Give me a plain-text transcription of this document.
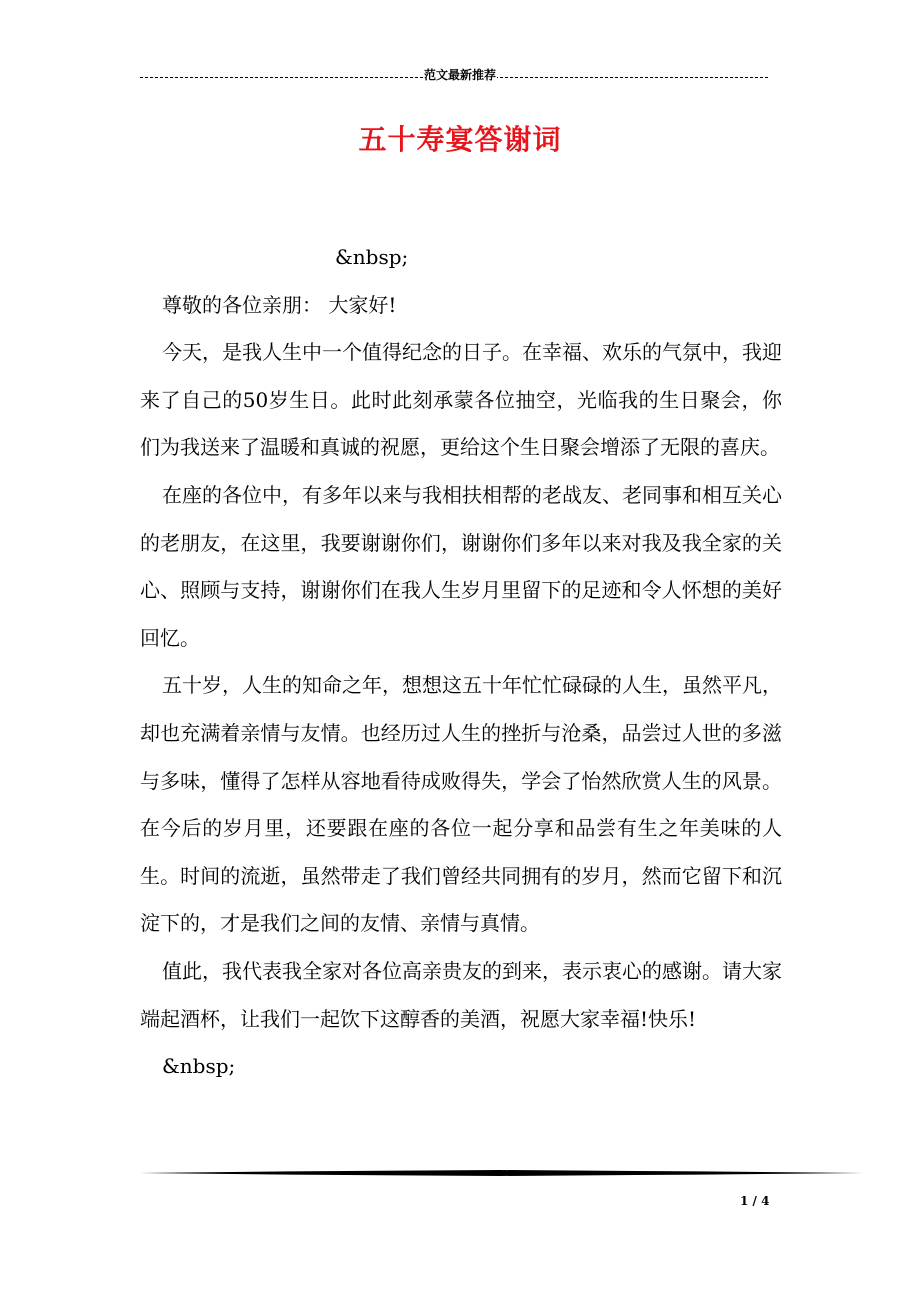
范文最新推荐
五十寿宴答谢词

&nbsp;

尊敬的各位亲朋： 大家好!

今天，是我人生中一个值得纪念的日子。在幸福、欢乐的气氛中，我迎来了自己的50岁生日。此时此刻承蒙各位抽空，光临我的生日聚会，你们为我送来了温暖和真诚的祝愿，更给这个生日聚会增添了无限的喜庆。

在座的各位中，有多年以来与我相扶相帮的老战友、老同事和相互关心的老朋友，在这里，我要谢谢你们，谢谢你们多年以来对我及我全家的关心、照顾与支持，谢谢你们在我人生岁月里留下的足迹和令人怀想的美好回忆。

五十岁，人生的知命之年，想想这五十年忙忙碌碌的人生，虽然平凡，却也充满着亲情与友情。也经历过人生的挫折与沧桑，品尝过人世的多滋与多味，懂得了怎样从容地看待成败得失，学会了怡然欣赏人生的风景。在今后的岁月里，还要跟在座的各位一起分享和品尝有生之年美味的人生。时间的流逝，虽然带走了我们曾经共同拥有的岁月，然而它留下和沉淀下的，才是我们之间的友情、亲情与真情。

值此，我代表我全家对各位高亲贵友的到来，表示衷心的感谢。请大家端起酒杯，让我们一起饮下这醇香的美酒，祝愿大家幸福!快乐!

&nbsp;

1 / 4
